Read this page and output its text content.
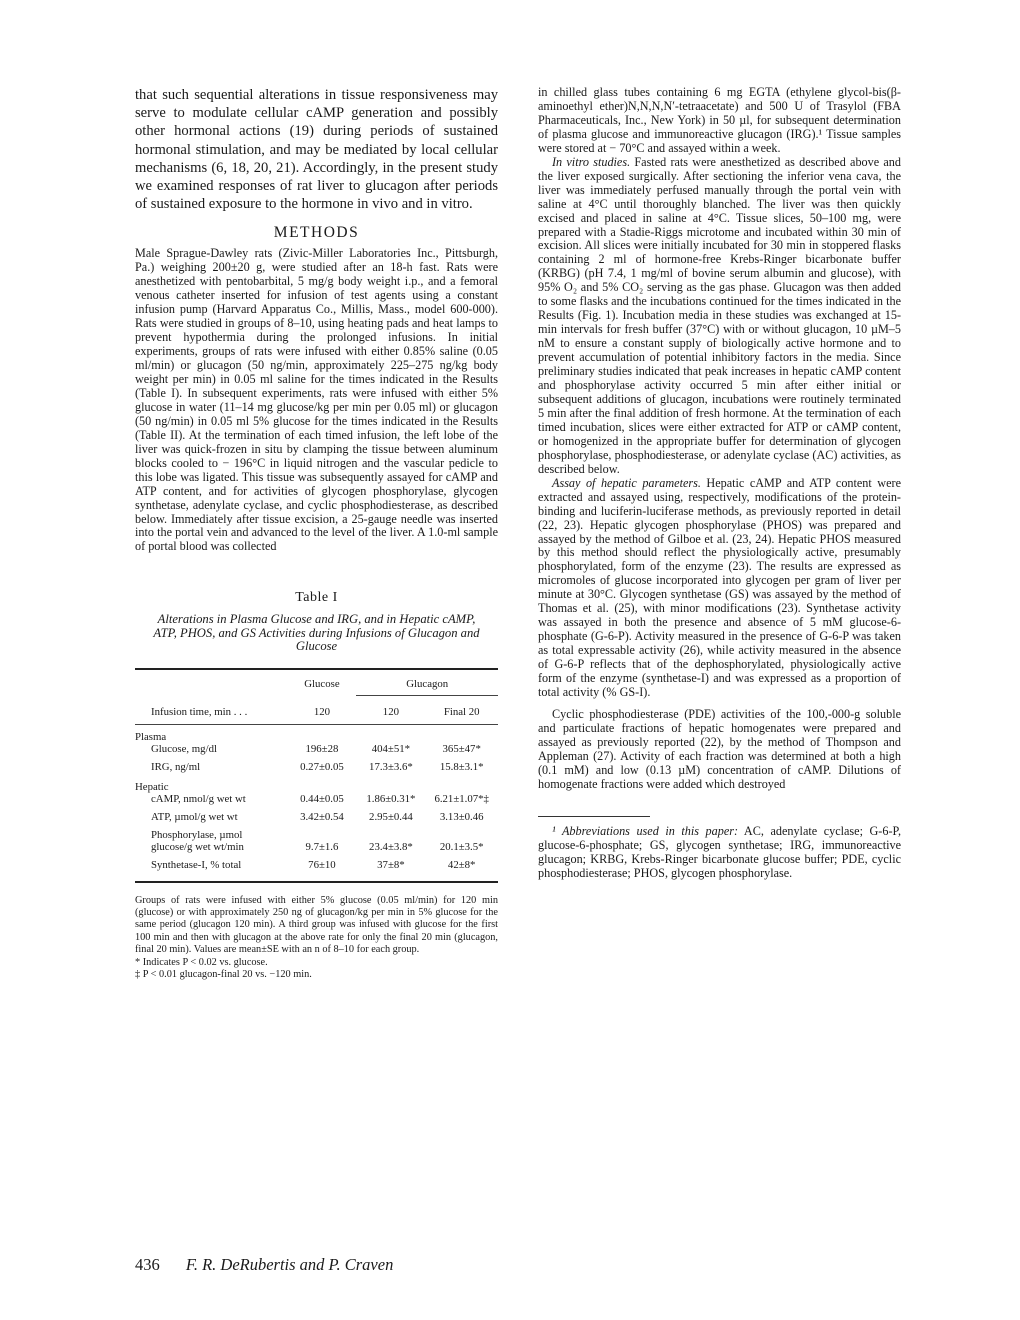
that such sequential alterations in tissue responsiveness may serve to modulate cellular cAMP generation and possibly other hormonal actions (19) during periods of sustained hormonal stimulation, and may be mediated by local cellular mechanisms (6, 18, 20, 21). Accordingly, in the present study we examined responses of rat liver to glucagon after periods of sustained exposure to the hormone in vivo and in vitro.

METHODS

Male Sprague-Dawley rats (Zivic-Miller Laboratories Inc., Pittsburgh, Pa.) weighing 200±20 g, were studied after an 18-h fast. Rats were anesthetized with pentobarbital, 5 mg/g body weight i.p., and a femoral venous catheter inserted for infusion of test agents using a constant infusion pump (Harvard Apparatus Co., Millis, Mass., model 600-000). Rats were studied in groups of 8–10, using heating pads and heat lamps to prevent hypothermia during the prolonged infusions. In initial experiments, groups of rats were infused with either 0.85% saline (0.05 ml/min) or glucagon (50 ng/min, approximately 225–275 ng/kg body weight per min) in 0.05 ml saline for the times indicated in the Results (Table I). In subsequent experiments, rats were infused with either 5% glucose in water (11–14 mg glucose/kg per min per 0.05 ml) or glucagon (50 ng/min) in 0.05 ml 5% glucose for the times indicated in the Results (Table II). At the termination of each timed infusion, the left lobe of the liver was quick-frozen in situ by clamping the tissue between aluminum blocks cooled to − 196°C in liquid nitrogen and the vascular pedicle to this lobe was ligated. This tissue was subsequently assayed for cAMP and ATP content, and for activities of glycogen phosphorylase, glycogen synthetase, adenylate cyclase, and cyclic phosphodiesterase, as described below. Immediately after tissue excision, a 25-gauge needle was inserted into the portal vein and advanced to the level of the liver. A 1.0-ml sample of portal blood was collected

Table I
Alterations in Plasma Glucose and IRG, and in Hepatic cAMP, ATP, PHOS, and GS Activities during Infusions of Glucagon and Glucose

	Glucose	Glucagon	

Infusion time, min . . .	120	120	Final 20

Plasma			
Glucose, mg/dl	196±28	404±51*	365±47*
IRG, ng/ml	0.27±0.05	17.3±3.6*	15.8±3.1*
Hepatic			
cAMP, nmol/g wet wt	0.44±0.05	1.86±0.31*	6.21±1.07*‡
ATP, µmol/g wet wt	3.42±0.54	2.95±0.44	3.13±0.46
Phosphorylase, µmol glucose/g wet wt/min	9.7±1.6	23.4±3.8*	20.1±3.5*
Synthetase-I, % total	76±10	37±8*	42±8*

Groups of rats were infused with either 5% glucose (0.05 ml/min) for 120 min (glucose) or with approximately 250 ng of glucagon/kg per min in 5% glucose for the same period (glucagon 120 min). A third group was infused with glucose for the first 100 min and then with glucagon at the above rate for only the final 20 min (glucagon, final 20 min). Values are mean±SE with an n of 8–10 for each group.

* Indicates P < 0.02 vs. glucose.

‡ P < 0.01 glucagon-final 20 vs. −120 min.

in chilled glass tubes containing 6 mg EGTA (ethylene glycol-bis(β-aminoethyl ether)N,N,N,N′-tetraacetate) and 500 U of Trasylol (FBA Pharmaceuticals, Inc., New York) in 50 µl, for subsequent determination of plasma glucose and immunoreactive glucagon (IRG).¹ Tissue samples were stored at − 70°C and assayed within a week.

In vitro studies. Fasted rats were anesthetized as described above and the liver exposed surgically. After sectioning the inferior vena cava, the liver was immediately perfused manually through the portal vein with saline at 4°C until thoroughly blanched. The liver was then quickly excised and placed in saline at 4°C. Tissue slices, 50–100 mg, were prepared with a Stadie-Riggs microtome and incubated within 30 min of excision. All slices were initially incubated for 30 min in stoppered flasks containing 2 ml of hormone-free Krebs-Ringer bicarbonate buffer (KRBG) (pH 7.4, 1 mg/ml of bovine serum albumin and glucose), with 95% O₂ and 5% CO₂ serving as the gas phase. Glucagon was then added to some flasks and the incubations continued for the times indicated in the Results (Fig. 1). Incubation media in these studies was exchanged at 15-min intervals for fresh buffer (37°C) with or without glucagon, 10 µM–5 nM to ensure a constant supply of biologically active hormone and to prevent accumulation of potential inhibitory factors in the media. Since preliminary studies indicated that peak increases in hepatic cAMP content and phosphorylase activity occurred 5 min after either initial or subsequent additions of glucagon, incubations were routinely terminated 5 min after the final addition of fresh hormone. At the termination of each timed incubation, slices were either extracted for ATP or cAMP content, or homogenized in the appropriate buffer for determination of glycogen phosphorylase, phosphodiesterase, or adenylate cyclase (AC) activities, as described below.

Assay of hepatic parameters. Hepatic cAMP and ATP content were extracted and assayed using, respectively, modifications of the protein-binding and luciferin-luciferase methods, as previously reported in detail (22, 23). Hepatic glycogen phosphorylase (PHOS) was prepared and assayed by the method of Gilboe et al. (23, 24). Hepatic PHOS measured by this method should reflect the physiologically active, presumably phosphorylated, form of the enzyme (23). The results are expressed as micromoles of glucose incorporated into glycogen per gram of liver per minute at 30°C. Glycogen synthetase (GS) was assayed by the method of Thomas et al. (25), with minor modifications (23). Synthetase activity was assayed in both the presence and absence of 5 mM glucose-6-phosphate (G-6-P). Activity measured in the presence of G-6-P was taken as total expressable activity (26), while activity measured in the absence of G-6-P reflects that of the dephosphorylated, physiologically active form of the enzyme (synthetase-I) and was expressed as a proportion of total activity (% GS-I).

Cyclic phosphodiesterase (PDE) activities of the 100,-000-g soluble and particulate fractions of hepatic homogenates were prepared and assayed as previously reported (22), by the method of Thompson and Appleman (27). Activity of each fraction was determined at both a high (0.1 mM) and low (0.13 µM) concentration of cAMP. Dilutions of homogenate fractions were added which destroyed

¹ Abbreviations used in this paper: AC, adenylate cyclase; G-6-P, glucose-6-phosphate; GS, glycogen synthetase; IRG, immunoreactive glucagon; KRBG, Krebs-Ringer bicarbonate glucose buffer; PDE, cyclic phosphodiesterase; PHOS, glycogen phosphorylase.

436 F. R. DeRubertis and P. Craven
